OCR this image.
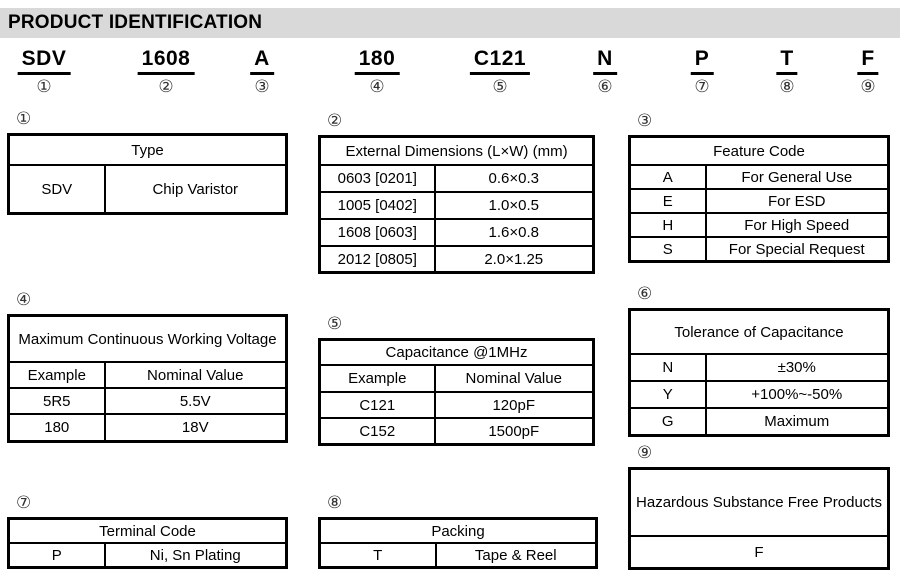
PRODUCT IDENTIFICATION
SDV
①
1608
②
A
③
180
④
C121
⑤
N
⑥
P
⑦
T
⑧
F
⑨
①
Type
SDV	Chip Varistor
②
External Dimensions (L×W) (mm)	
0603 [0201]	0.6×0.3
1005 [0402]	1.0×0.5
1608 [0603]	1.6×0.8
2012 [0805]	2.0×1.25
③
Feature Code	
A	For General Use
E	For ESD
H	For High Speed
S	For Special Request
④
Maximum Continuous Working Voltage	
Example	Nominal Value
5R5	5.5V
180	18V
⑤
Capacitance @1MHz	
Example	Nominal Value
C121	120pF
C152	1500pF
⑥
Tolerance of Capacitance	
N	±30%
Y	+100%~-50%
G	Maximum
⑦
Terminal Code
P	Ni, Sn Plating
⑧
Packing
T	Tape & Reel
⑨
Hazardous Substance Free Products
F
